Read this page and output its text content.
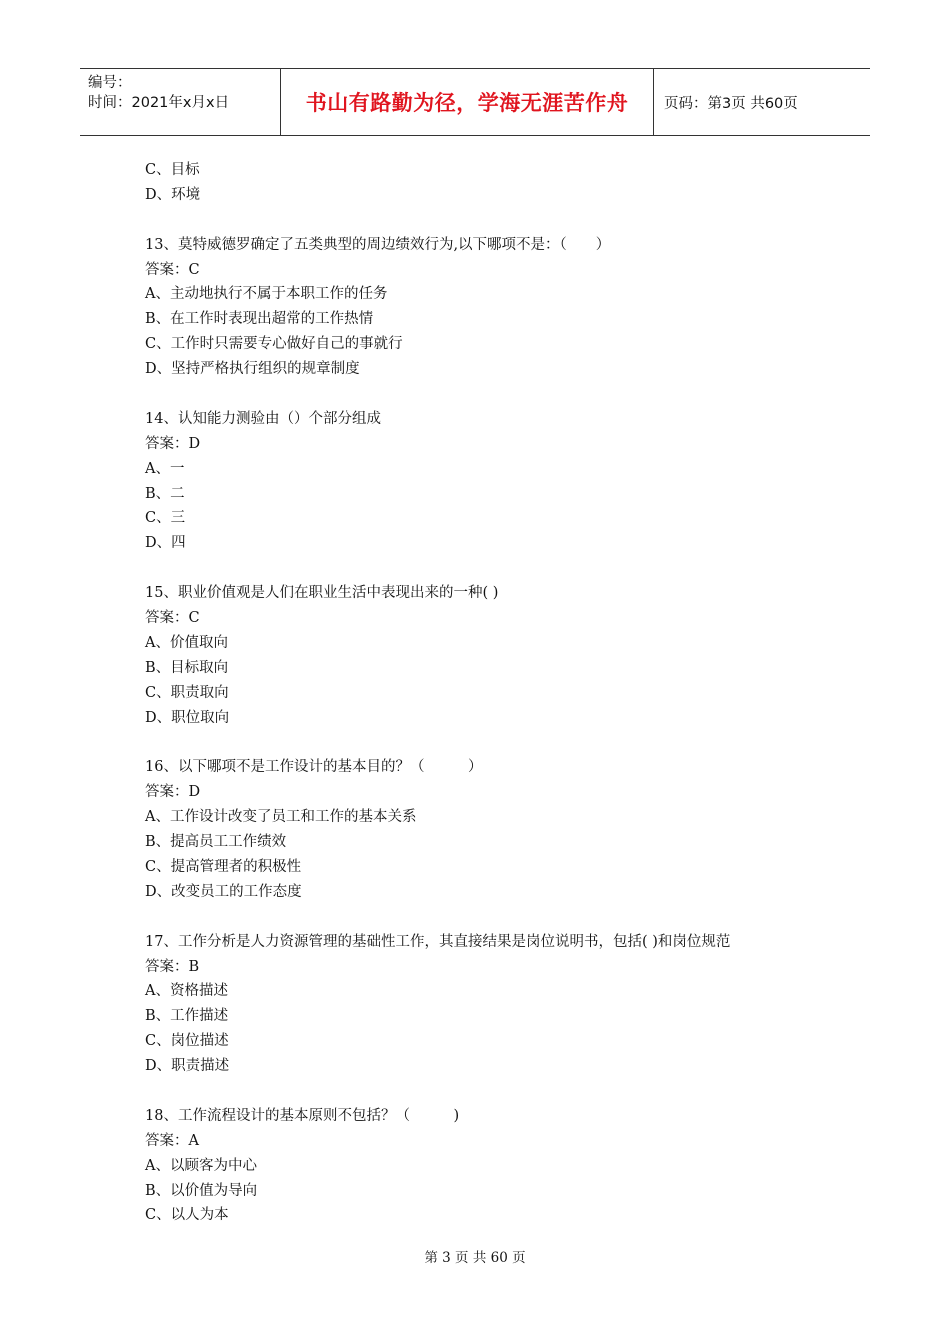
编号：
时间：2021年x月x日	书山有路勤为径，学海无涯苦作舟 页码：第3页 共60页
C、目标
D、环境
13、莫特威德罗确定了五类典型的周边绩效行为,以下哪项不是：（　　）
答案：C
A、主动地执行不属于本职工作的任务
B、在工作时表现出超常的工作热情
C、工作时只需要专心做好自己的事就行
D、坚持严格执行组织的规章制度
14、认知能力测验由（）个部分组成
答案：D
A、一
B、二
C、三
D、四
15、职业价值观是人们在职业生活中表现出来的一种( )
答案：C
A、价值取向
B、目标取向
C、职责取向
D、职位取向
16、以下哪项不是工作设计的基本目的？（　　　）
答案：D
A、工作设计改变了员工和工作的基本关系
B、提高员工工作绩效
C、提高管理者的积极性
D、改变员工的工作态度
17、工作分析是人力资源管理的基础性工作，其直接结果是岗位说明书，包括( )和岗位规范
答案：B
A、资格描述
B、工作描述
C、岗位描述
D、职责描述
18、工作流程设计的基本原则不包括？（　　　)
答案：A
A、以顾客为中心
B、以价值为导向
C、以人为本
第 3 页 共 60 页
